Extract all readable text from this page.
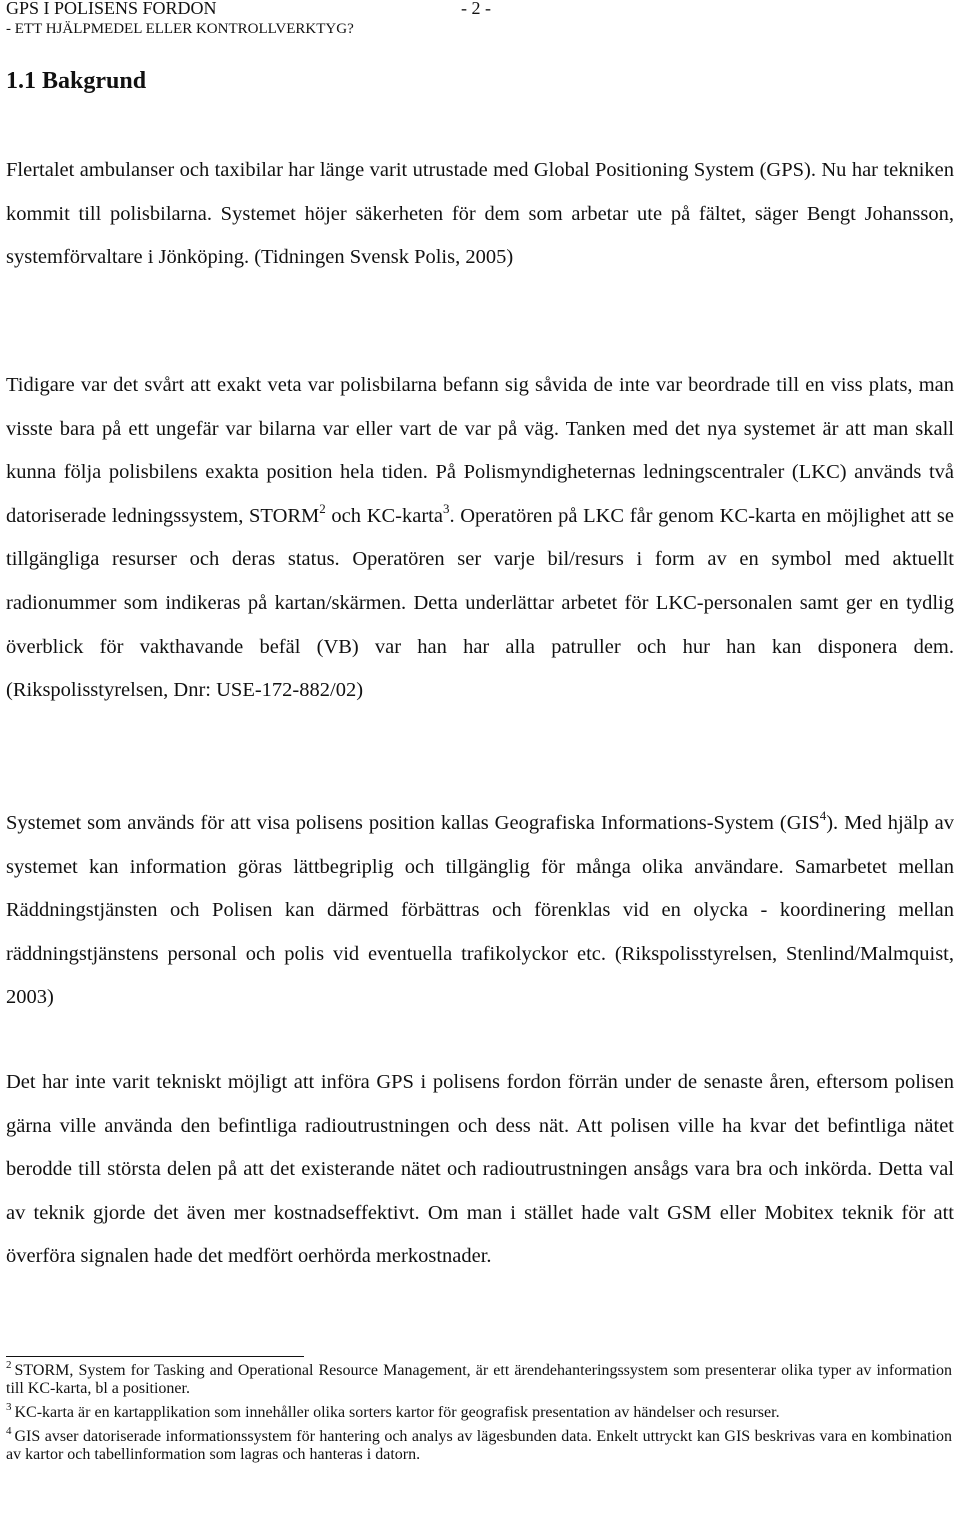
GPS I POLISENS FORDON	- 2 -
- ETT HJÄLPMEDEL ELLER KONTROLLVERKTYG?
1.1 Bakgrund

Flertalet ambulanser och taxibilar har länge varit utrustade med Global Positioning System (GPS). Nu har tekniken kommit till polisbilarna. Systemet höjer säkerheten för dem som arbetar ute på fältet, säger Bengt Johansson, systemförvaltare i Jönköping. (Tidningen Svensk Polis, 2005)

Tidigare var det svårt att exakt veta var polisbilarna befann sig såvida de inte var beordrade till en viss plats, man visste bara på ett ungefär var bilarna var eller vart de var på väg. Tanken med det nya systemet är att man skall kunna följa polisbilens exakta position hela tiden. På Polismyndigheternas ledningscentraler (LKC) används två datoriserade ledningssystem, STORM$^2$ och KC-karta$^3$. Operatören på LKC får genom KC-karta en möjlighet att se tillgängliga resurser och deras status. Operatören ser varje bil/resurs i form av en symbol med aktuellt radionummer som indikeras på kartan/skärmen. Detta underlättar arbetet för LKC-personalen samt ger en tydlig överblick för vakthavande befäl (VB) var han har alla patruller och hur han kan disponera dem. (Rikspolisstyrelsen, Dnr: USE-172-882/02)

Systemet som används för att visa polisens position kallas Geografiska Informations-System (GIS$^4$). Med hjälp av systemet kan information göras lättbegriplig och tillgänglig för många olika användare. Samarbetet mellan Räddningstjänsten och Polisen kan därmed förbättras och förenklas vid en olycka - koordinering mellan räddningstjänstens personal och polis vid eventuella trafikolyckor etc. (Rikspolisstyrelsen, Stenlind/Malmquist, 2003)

Det har inte varit tekniskt möjligt att införa GPS i polisens fordon förrän under de senaste åren, eftersom polisen gärna ville använda den befintliga radioutrustningen och dess nät. Att polisen ville ha kvar det befintliga nätet berodde till största delen på att det existerande nätet och radioutrustningen ansågs vara bra och inkörda. Detta val av teknik gjorde det även mer kostnadseffektivt. Om man i stället hade valt GSM eller Mobitex teknik för att överföra signalen hade det medfört oerhörda merkostnader.

$^2$ STORM, System for Tasking and Operational Resource Management, är ett ärendehanteringssystem som presenterar olika typer av information till KC-karta, bl a positioner.

$^3$ KC-karta är en kartapplikation som innehåller olika sorters kartor för geografisk presentation av händelser och resurser.

$^4$ GIS avser datoriserade informationssystem för hantering och analys av lägesbunden data. Enkelt uttryckt kan GIS beskrivas vara en kombination av kartor och tabellinformation som lagras och hanteras i datorn.
